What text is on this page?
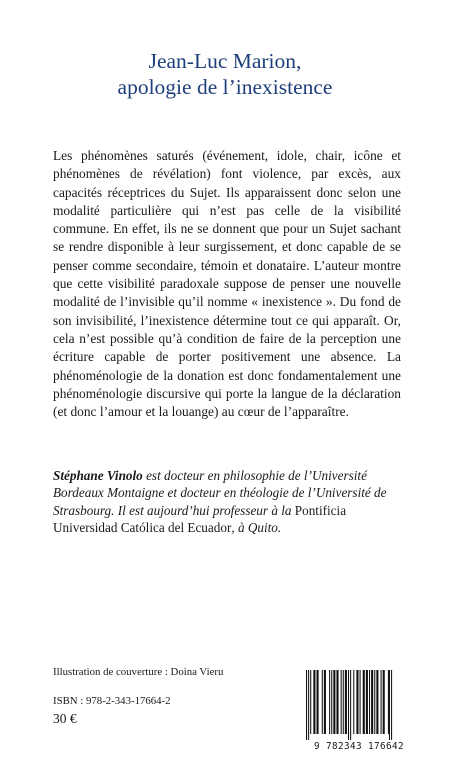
Jean-Luc Marion,
apologie de l’inexistence
Les phénomènes saturés (événement, idole, chair, icône et phénomènes de révélation) font violence, par excès, aux capacités réceptrices du Sujet. Ils apparaissent donc selon une modalité particulière qui n’est pas celle de la visibilité commune. En effet, ils ne se donnent que pour un Sujet sachant se rendre disponible à leur surgissement, et donc capable de se penser comme secondaire, témoin et donataire. L’auteur montre que cette visibilité paradoxale suppose de penser une nouvelle modalité de l’invisible qu’il nomme « inexistence ». Du fond de son invisibilité, l’inexistence détermine tout ce qui apparaît. Or, cela n’est possible qu’à condition de faire de la perception une écriture capable de porter positivement une absence. La phénoménologie de la donation est donc fondamentalement une phénoménologie discursive qui porte la langue de la déclaration (et donc l’amour et la louange) au cœur de l’apparaître.
Stéphane Vinolo est docteur en philosophie de l’Université Bordeaux Montaigne et docteur en théologie de l’Université de Strasbourg. Il est aujourd’hui professeur à la Pontificia Universidad Católica del Ecuador, à Quito.
Illustration de couverture : Doina Vieru
ISBN : 978-2-343-17664-2
30 €
9 782343 176642
